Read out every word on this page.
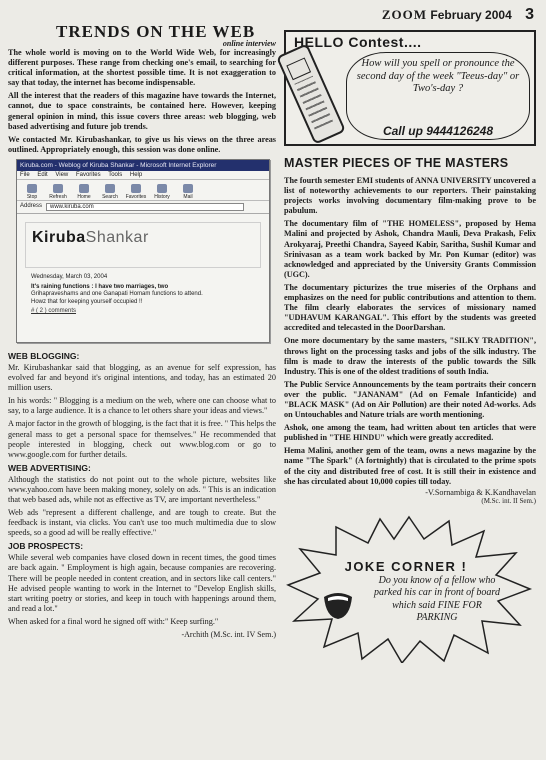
ZOOM February 2004 3
TRENDS ON THE WEB
online interview

The whole world is moving on to the World Wide Web, for increasingly different purposes. These range from checking one's email, to searching for critical information, at the shortest possible time. It is not exaggeration to say that today, the internet has become indispensable.

All the interest that the readers of this magazine have towards the Internet, cannot, due to space constraints, be contained here. However, keeping general opinion in mind, this issue covers three areas: web blogging, web based advertising and future job trends.

We contacted Mr. Kirubashankar, to give us his views on the three areas outlined. Appropriately enough, this session was done online.

Kiruba.com - Weblog of Kiruba Shankar - Microsoft Internet Explorer
File Edit View Favorites Tools Help
Stop	Refresh	Home	Search	Favorites	History	Mail
Address	www.kiruba.com
KirubaShankar
Wednesday, March 03, 2004
It's raining functions : I have two marriages, two
Grihapraveshams and one Ganapati Homam functions to attend.
Howz that for keeping yourself occupied !!
# ( 2 ) comments
WEB BLOGGING:

Mr. Kirubashankar said that blogging, as an avenue for self expression, has evolved far and beyond it's original intentions, and today, has an estimated 20 million users.

In his words: " Blogging is a medium on the web, where one can choose what to say, to a large audience. It is a chance to let others share your ideas and views."

A major factor in the growth of blogging, is the fact that it is free. " This helps the general mass to get a personal space for themselves." He recommended that people interested in blogging, check out www.blog.com or go to www.google.com for further details.

WEB ADVERTISING:

Although the statistics do not point out to the whole picture, websites like www.yahoo.com have been making money, solely on ads. " This is an indication that web based ads, while not as effective as TV, are important nevertheless."

Web ads "represent a different challenge, and are tough to create. But the feedback is instant, via clicks. You can't use too much multimedia due to slow speeds, so a good ad will be really effective."

JOB PROSPECTS:

While several web companies have closed down in recent times, the good times are back again. " Employment is high again, because companies are recovering. There will be people needed in content creation, and in sectors like call centers." He advised people wanting to work in the Internet to "Develop English skills, start writing poetry or stories, and keep in touch with happenings around them, and read a lot."

When asked for a final word he signed off with:" Keep surfing."

-Archith (M.Sc. int. IV Sem.)
HELLO Contest....
How will you spell or pronounce the second day of the week "Teeus-day" or Two's-day ?
Call up 9444126248
MASTER PIECES OF THE MASTERS

The fourth semester EMI students of ANNA UNIVERSITY uncovered a list of noteworthy achievements to our reporters. Their painstaking projects works involving documentary film-making prove to be pabulum.

The documentary film of "THE HOMELESS", proposed by Hema Malini and projected by Ashok, Chandra Mauli, Deva Prakash, Felix Arokyaraj, Preethi Chandra, Sayeed Kabir, Saritha, Sushil Kumar and Srinivasan as a team work backed by Mr. Pon Kumar (editor) was acknowledged and appreciated by the University Grants Commission (UGC).

The documentary picturizes the true miseries of the Orphans and emphasizes on the need for public contributions and attention to them. The film clearly elaborates the services of missionary named "UDHAVUM KARANGAL". This effort by the students was greeted accredited and telecasted in the DoorDarshan.

One more documentary by the same masters, "SILKY TRADITION", throws light on the processing tasks and jobs of the silk industry. The film is made to draw the interests of the public towards the Silk Industry. This is one of the oldest traditions of south India.

The Public Service Announcements by the team portraits their concern over the public. "JANANAM" (Ad on Female Infanticide) and "BLACK MASK" (Ad on Air Pollution) are their noted Ad-works. Ads on Untouchables and Nature trials are worth mentioning.

Ashok, one among the team, had written about ten articles that were published in "THE HINDU" which were greatly accredited.

Hema Malini, another gem of the team, owns a news magazine by the name "The Spark" (A fortnightly) that is circulated to the prime spots of the city and distributed free of cost. It is still their in existence and she has circulated about 10,000 copies till today.

-V.Sornambiga & K.Kandhavelan
(M.Sc. int. II Sem.)
JOKE CORNER !
Do you know of a fellow who parked his car in front of board which said FINE FOR PARKING
